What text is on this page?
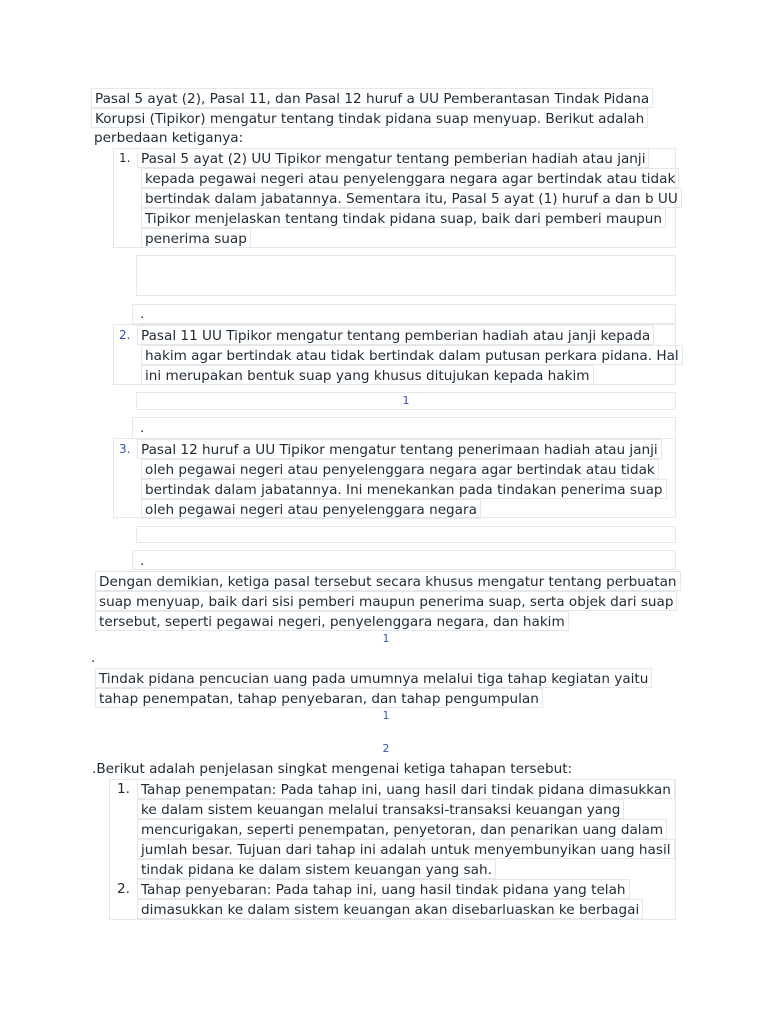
Pasal 5 ayat (2), Pasal 11, dan Pasal 12 huruf a UU Pemberantasan Tindak Pidana
Korupsi (Tipikor) mengatur tentang tindak pidana suap menyuap. Berikut adalah
perbedaan ketiganya:
1. Pasal 5 ayat (2) UU Tipikor mengatur tentang pemberian hadiah atau janji
kepada pegawai negeri atau penyelenggara negara agar bertindak atau tidak
bertindak dalam jabatannya. Sementara itu, Pasal 5 ayat (1) huruf a dan b UU
Tipikor menjelaskan tentang tindak pidana suap, baik dari pemberi maupun
penerima suap
.
2. Pasal 11 UU Tipikor mengatur tentang pemberian hadiah atau janji kepada
hakim agar bertindak atau tidak bertindak dalam putusan perkara pidana. Hal
ini merupakan bentuk suap yang khusus ditujukan kepada hakim
1
.
3. Pasal 12 huruf a UU Tipikor mengatur tentang penerimaan hadiah atau janji
oleh pegawai negeri atau penyelenggara negara agar bertindak atau tidak
bertindak dalam jabatannya. Ini menekankan pada tindakan penerima suap
oleh pegawai negeri atau penyelenggara negara
.
Dengan demikian, ketiga pasal tersebut secara khusus mengatur tentang perbuatan
suap menyuap, baik dari sisi pemberi maupun penerima suap, serta objek dari suap
tersebut, seperti pegawai negeri, penyelenggara negara, dan hakim
1
.
Tindak pidana pencucian uang pada umumnya melalui tiga tahap kegiatan yaitu
tahap penempatan, tahap penyebaran, dan tahap pengumpulan
1
2
.Berikut adalah penjelasan singkat mengenai ketiga tahapan tersebut:
1. Tahap penempatan: Pada tahap ini, uang hasil dari tindak pidana dimasukkan
ke dalam sistem keuangan melalui transaksi-transaksi keuangan yang
mencurigakan, seperti penempatan, penyetoran, dan penarikan uang dalam
jumlah besar. Tujuan dari tahap ini adalah untuk menyembunyikan uang hasil
tindak pidana ke dalam sistem keuangan yang sah.
2. Tahap penyebaran: Pada tahap ini, uang hasil tindak pidana yang telah
dimasukkan ke dalam sistem keuangan akan disebarluaskan ke berbagai
